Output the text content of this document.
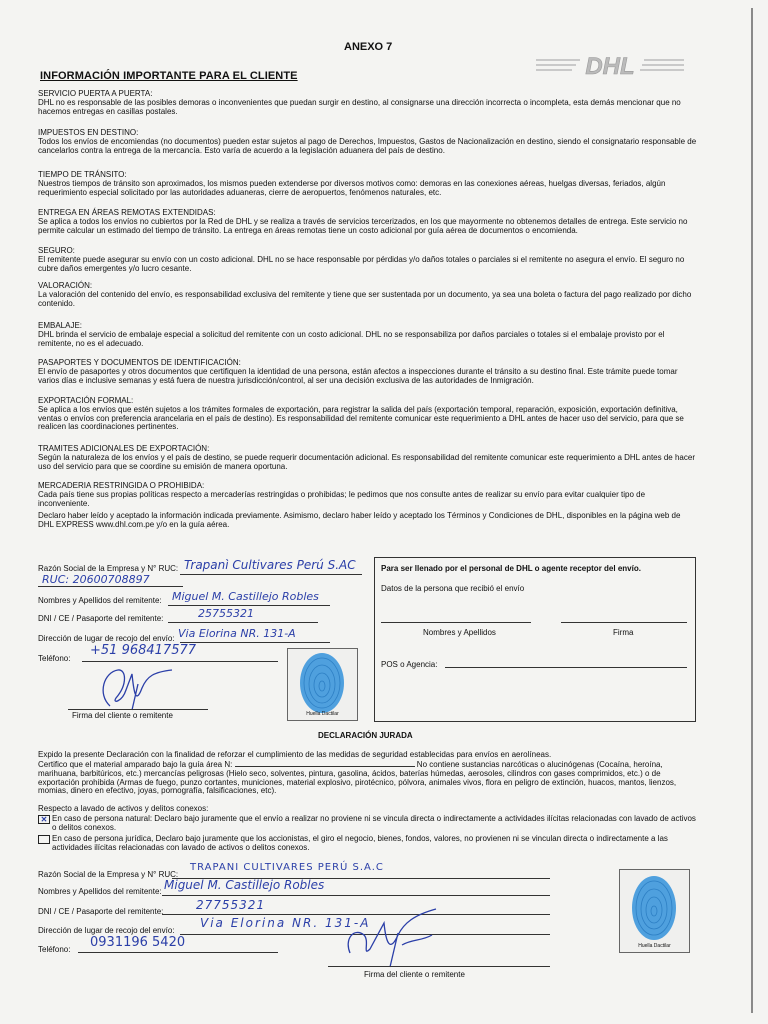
ANEXO 7
DHL
INFORMACIÓN IMPORTANTE PARA EL CLIENTE
SERVICIO PUERTA A PUERTA:
DHL no es responsable de las posibles demoras o inconvenientes que puedan surgir en destino, al consignarse una dirección incorrecta o incompleta, esta demás mencionar que no hacemos entregas en casillas postales.
IMPUESTOS EN DESTINO:
Todos los envíos de encomiendas (no documentos) pueden estar sujetos al pago de Derechos, Impuestos, Gastos de Nacionalización en destino, siendo el consignatario responsable de cancelarlos contra la entrega de la mercancía. Esto varía de acuerdo a la legislación aduanera del país de destino.
TIEMPO DE TRÁNSITO:
Nuestros tiempos de tránsito son aproximados, los mismos pueden extenderse por diversos motivos como: demoras en las conexiones aéreas, huelgas diversas, feriados, algún requerimiento especial solicitado por las autoridades aduaneras, cierre de aeropuertos, fenómenos naturales, etc.
ENTREGA EN ÁREAS REMOTAS EXTENDIDAS:
Se aplica a todos los envíos no cubiertos por la Red de DHL y se realiza a través de servicios tercerizados, en los que mayormente no obtenemos detalles de entrega. Este servicio no permite calcular un estimado del tiempo de tránsito. La entrega en áreas remotas tiene un costo adicional por guía aérea de documentos o encomienda.
SEGURO:
El remitente puede asegurar su envío con un costo adicional. DHL no se hace responsable por pérdidas y/o daños totales o parciales si el remitente no asegura el envío. El seguro no cubre daños emergentes y/o lucro cesante.
VALORACIÓN:
La valoración del contenido del envío, es responsabilidad exclusiva del remitente y tiene que ser sustentada por un documento, ya sea una boleta o factura del pago realizado por dicho contenido.
EMBALAJE:
DHL brinda el servicio de embalaje especial a solicitud del remitente con un costo adicional. DHL no se responsabiliza por daños parciales o totales si el embalaje provisto por el remitente, no es el adecuado.
PASAPORTES Y DOCUMENTOS DE IDENTIFICACIÓN:
El envío de pasaportes y otros documentos que certifiquen la identidad de una persona, están afectos a inspecciones durante el tránsito a su destino final. Este trámite puede tomar varios días e inclusive semanas y está fuera de nuestra jurisdicción/control, al ser una decisión exclusiva de las autoridades de Inmigración.
EXPORTACIÓN FORMAL:
Se aplica a los envíos que estén sujetos a los trámites formales de exportación, para registrar la salida del país (exportación temporal, reparación, exposición, exportación definitiva, ventas o envíos con preferencia arancelaria en el país de destino). Es responsabilidad del remitente comunicar este requerimiento a DHL antes de hacer uso del servicio, para que se realicen las coordinaciones pertinentes.
TRAMITES ADICIONALES DE EXPORTACIÓN:
Según la naturaleza de los envíos y el país de destino, se puede requerir documentación adicional. Es responsabilidad del remitente comunicar este requerimiento a DHL antes de hacer uso del servicio para que se coordine su emisión de manera oportuna.
MERCADERIA RESTRINGIDA O PROHIBIDA:
Cada país tiene sus propias políticas respecto a mercaderías restringidas o prohibidas; le pedimos que nos consulte antes de realizar su envío para evitar cualquier tipo de inconveniente.
Declaro haber leído y aceptado la información indicada previamente. Asimismo, declaro haber leído y aceptado los Términos y Condiciones de DHL, disponibles en la página web de DHL EXPRESS www.dhl.com.pe y/o en la guía aérea.
Razón Social de la Empresa y N° RUC: Trapanì Cultivares Perú S.AC
RUC: 20600708897
Nombres y Apellidos del remitente: Miguel M. Castillejo Robles
DNI / CE / Pasaporte del remitente:	25755321
Dirección de lugar de recojo del envío: Via Elorina NR. 131-A
Teléfono:
+51 968417577
Firma del cliente o remitente	Huella Dactilar
Para ser llenado por el personal de DHL o agente receptor del envío.
Datos de la persona que recibió el envío
Nombres y Apellidos	Firma
POS o Agencia:
DECLARACIÓN JURADA
Expido la presente Declaración con la finalidad de reforzar el cumplimiento de las medidas de seguridad establecidas para envíos en aerolíneas.
Certifico que el material amparado bajo la guía área N:	No contiene sustancias narcóticas o alucinógenas (Cocaína, heroína, marihuana, barbitúricos, etc.) mercancías peligrosas (Hielo seco, solventes, pintura, gasolina, ácidos, baterías húmedas, aerosoles, cilindros con gases comprimidos, etc.) o de exportación prohibida (Armas de fuego, punzo cortantes, municiones, material explosivo, pirotécnico, pólvora, animales vivos, flora en peligro de extinción, huacos, mantos, lienzos, momias, dinero en efectivo, joyas, pornografía, falsificaciones, etc).
Respecto a lavado de activos y delitos conexos:
✕ En caso de persona natural: Declaro bajo juramente que el envío a realizar no proviene ni se vincula directa o indirectamente a actividades ilícitas relacionadas con lavado de activos o delitos conexos.
En caso de persona jurídica, Declaro bajo juramente que los accionistas, el giro el negocio, bienes, fondos, valores, no provienen ni se vinculan directa o indirectamente a las actividades ilícitas relacionadas con lavado de activos o delitos conexos.
Razón Social de la Empresa y N° RUC:
TRAPANI CULTIVARES PERÚ S.A.C
Nombres y Apellidos del remitente: Miguel M. Castillejo Robles
DNI / CE / Pasaporte del remitente:	27755321
Dirección de lugar de recojo del envío:
Via Elorina NR. 131-A
Teléfono: 0931196 5420
Firma del cliente o remitente
Huella Dactilar
